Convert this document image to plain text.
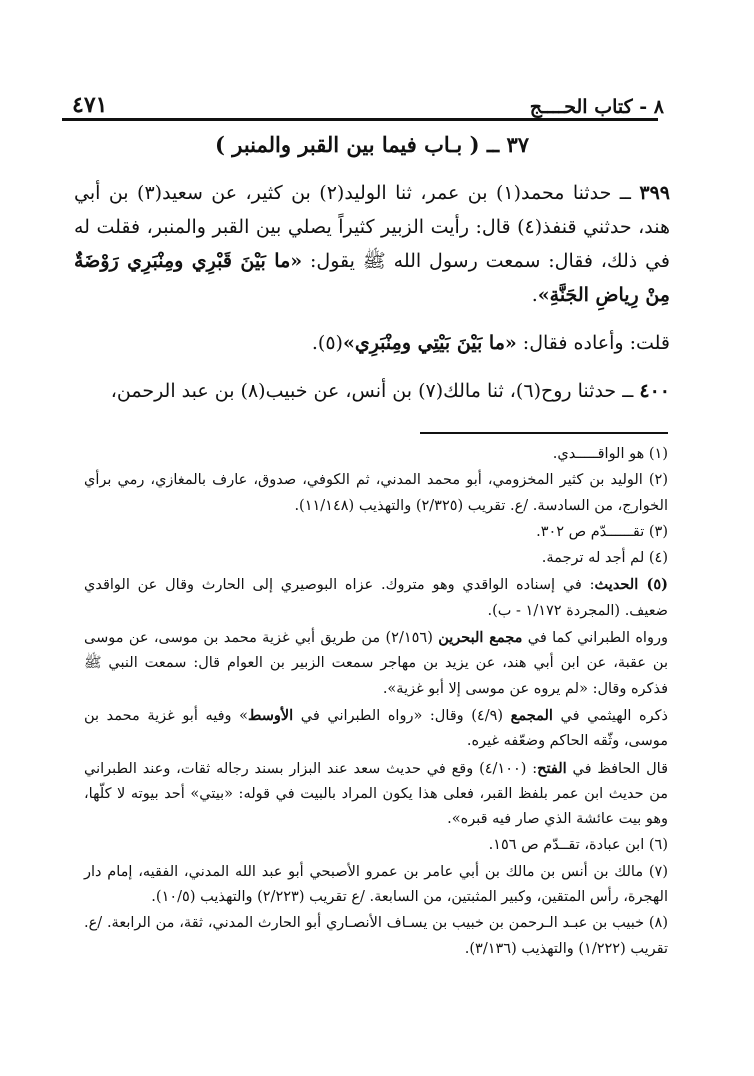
٤٧١	٨ - كتاب الحــــج
٣٧ ــ ( بـاب فيما بين القبر والمنبر )

٣٩٩ ــ حدثنا محمد(١) بن عمر، ثنا الوليد(٢) بن كثير، عن سعيد(٣) بن أبي هند، حدثني قنفذ(٤) قال: رأيت الزبير كثيراً يصلي بين القبر والمنبر، فقلت له في ذلك، فقال: سمعت رسول الله ﷺ يقول: «ما بَيْنَ قَبْرِي ومِنْبَرِي رَوْضَةٌ مِنْ رِياضِ الجَنَّةِ».

قلت: وأعاده فقال: «ما بَيْنَ بَيْتِي ومِنْبَرِي»(٥).

٤٠٠ ــ حدثنا روح(٦)، ثنا مالك(٧) بن أنس، عن خبيب(٨) بن عبد الرحمن،

(١) هو الواقـــــدي.

(٢) الوليد بن كثير المخزومي، أبو محمد المدني، ثم الكوفي، صدوق، عارف بالمغازي، رمي برأي الخوارج، من السادسة. /ع. تقريب (٢/٣٢٥) والتهذيب (١١/١٤٨).

(٣) تقــــــدّم ص ٣٠٢.

(٤) لم أجد له ترجمة.

(٥) الحديث: في إسناده الواقدي وهو متروك. عزاه البوصيري إلى الحارث وقال عن الواقدي ضعيف. (المجردة ١/١٧٢ - ب).

ورواه الطبراني كما في مجمع البحرين (٢/١٥٦) من طريق أبي غزية محمد بن موسى، عن موسى بن عقبة، عن ابن أبي هند، عن يزيد بن مهاجر سمعت الزبير بن العوام قال: سمعت النبي ﷺ فذكره وقال: «لم يروه عن موسى إلا أبو غزية».

ذكره الهيثمي في المجمع (٤/٩) وقال: «رواه الطبراني في الأوسط» وفيه أبو غزية محمد بن موسى، وثّقه الحاكم وضعّفه غيره.

قال الحافظ في الفتح: (٤/١٠٠) وقع في حديث سعد عند البزار بسند رجاله ثقات، وعند الطبراني من حديث ابن عمر بلفظ القبر، فعلى هذا يكون المراد بالبيت في قوله: «بيتي» أحد بيوته لا كلّها، وهو بيت عائشة الذي صار فيه قبره».

(٦) ابن عبادة، تقــدّم ص ١٥٦.

(٧) مالك بن أنس بن مالك بن أبي عامر بن عمرو الأصبحي أبو عبد الله المدني، الفقيه، إمام دار الهجرة، رأس المتقين، وكبير المثبتين، من السابعة. /ع تقريب (٢/٢٢٣) والتهذيب (١٠/٥).

(٨) خبيب بن عبـد الـرحمن بن خبيب بن يسـاف الأنصـاري أبو الحارث المدني، ثقة، من الرابعة. /ع. تقريب (١/٢٢٢) والتهذيب (٣/١٣٦).
